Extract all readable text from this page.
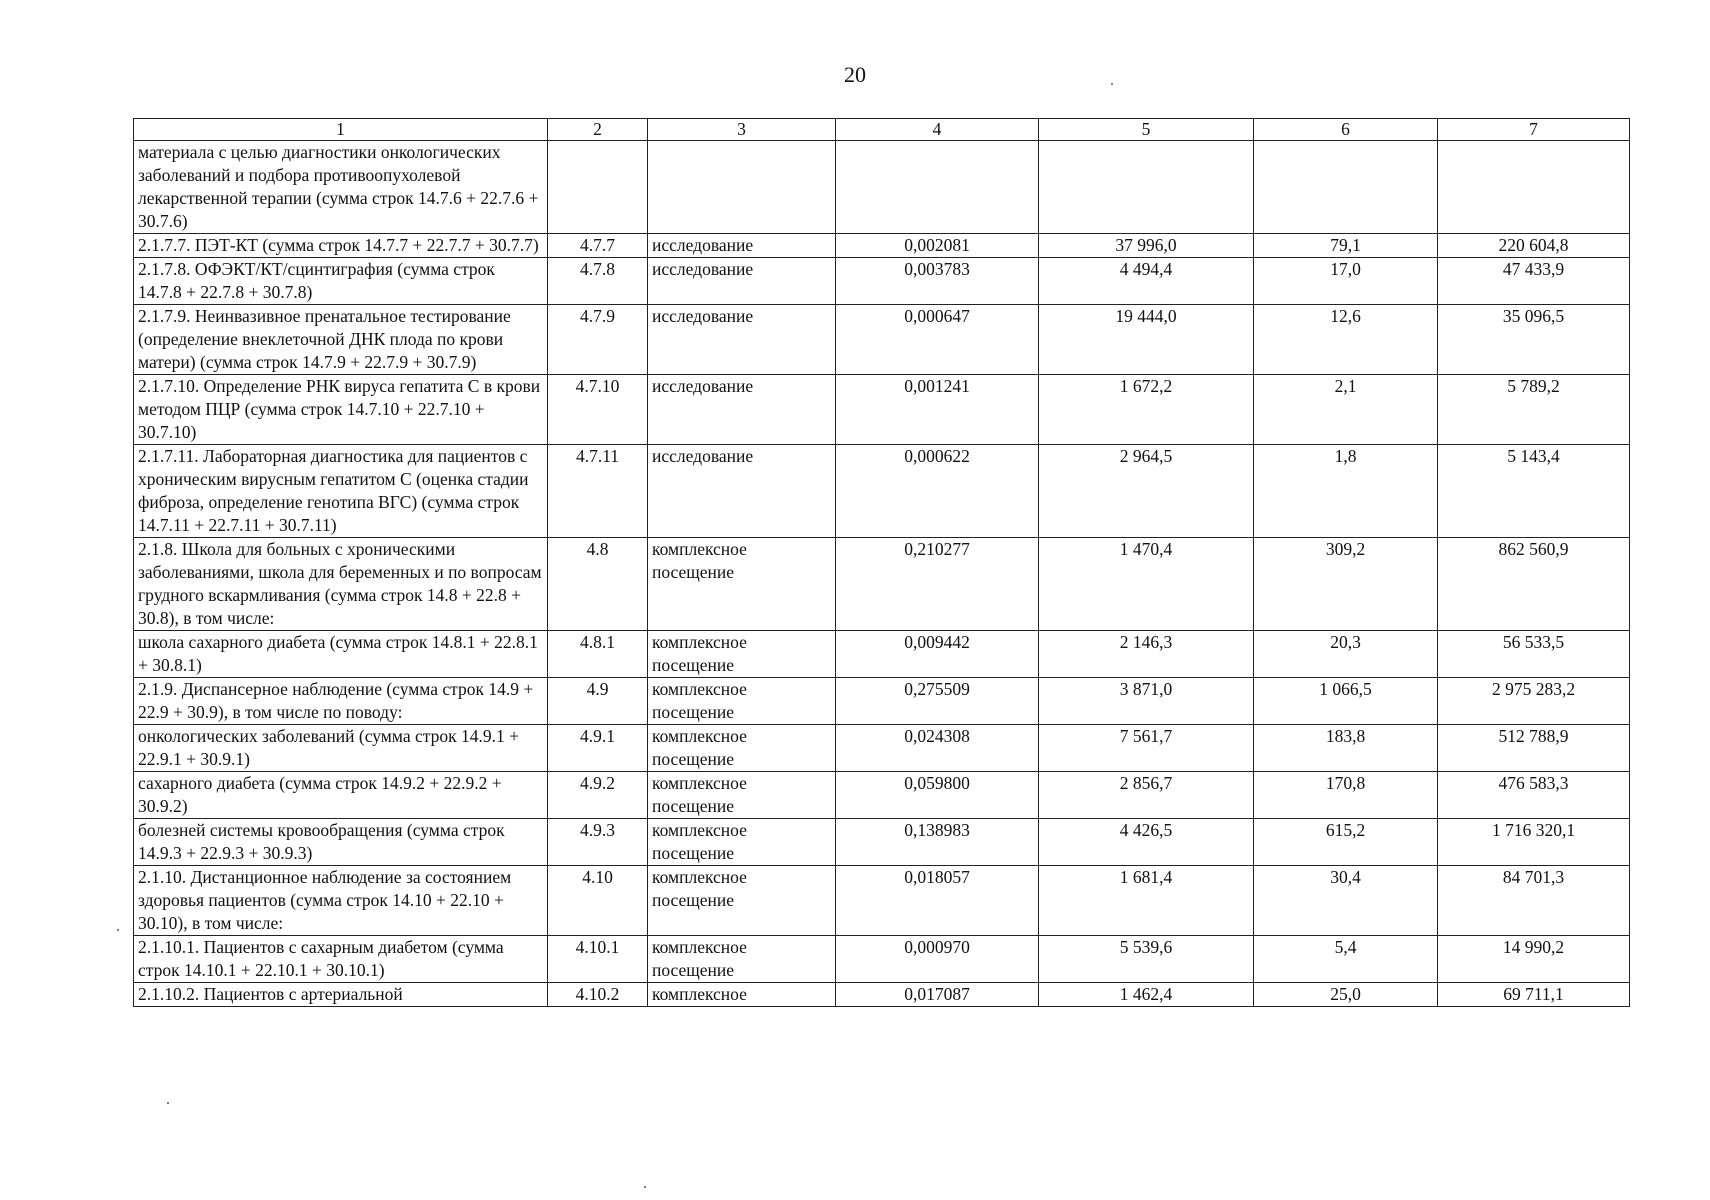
20
1	2	3	4	5	6	7
материала с целью диагностики онкологических заболеваний и подбора противоопухолевой лекарственной терапии (сумма строк 14.7.6 + 22.7.6 + 30.7.6)						
2.1.7.7. ПЭТ-КТ (сумма строк 14.7.7 + 22.7.7 + 30.7.7)	4.7.7	исследование	0,002081	37 996,0	79,1	220 604,8
2.1.7.8. ОФЭКТ/КТ/сцинтиграфия (сумма строк 14.7.8 + 22.7.8 + 30.7.8)	4.7.8	исследование	0,003783	4 494,4	17,0	47 433,9
2.1.7.9. Неинвазивное пренатальное тестирование (определение внеклеточной ДНК плода по крови матери) (сумма строк 14.7.9 + 22.7.9 + 30.7.9)	4.7.9	исследование	0,000647	19 444,0	12,6	35 096,5
2.1.7.10. Определение РНК вируса гепатита С в крови методом ПЦР (сумма строк 14.7.10 + 22.7.10 + 30.7.10)	4.7.10	исследование	0,001241	1 672,2	2,1	5 789,2
2.1.7.11. Лабораторная диагностика для пациентов с хроническим вирусным гепатитом С (оценка стадии фиброза, определение генотипа ВГС) (сумма строк 14.7.11 + 22.7.11 + 30.7.11)	4.7.11	исследование	0,000622	2 964,5	1,8	5 143,4
2.1.8. Школа для больных с хроническими заболеваниями, школа для беременных и по вопросам грудного вскармливания (сумма строк 14.8 + 22.8 + 30.8), в том числе:	4.8	комплексное посещение	0,210277	1 470,4	309,2	862 560,9
школа сахарного диабета (сумма строк 14.8.1 + 22.8.1 + 30.8.1)	4.8.1	комплексное посещение	0,009442	2 146,3	20,3	56 533,5
2.1.9. Диспансерное наблюдение (сумма строк 14.9 + 22.9 + 30.9), в том числе по поводу:	4.9	комплексное посещение	0,275509	3 871,0	1 066,5	2 975 283,2
онкологических заболеваний (сумма строк 14.9.1 + 22.9.1 + 30.9.1)	4.9.1	комплексное посещение	0,024308	7 561,7	183,8	512 788,9
сахарного диабета (сумма строк 14.9.2 + 22.9.2 + 30.9.2)	4.9.2	комплексное посещение	0,059800	2 856,7	170,8	476 583,3
болезней системы кровообращения (сумма строк 14.9.3 + 22.9.3 + 30.9.3)	4.9.3	комплексное посещение	0,138983	4 426,5	615,2	1 716 320,1
2.1.10. Дистанционное наблюдение за состоянием здоровья пациентов (сумма строк 14.10 + 22.10 + 30.10), в том числе:	4.10	комплексное посещение	0,018057	1 681,4	30,4	84 701,3
2.1.10.1. Пациентов с сахарным диабетом (сумма строк 14.10.1 + 22.10.1 + 30.10.1)	4.10.1	комплексное посещение	0,000970	5 539,6	5,4	14 990,2
2.1.10.2. Пациентов с артериальной	4.10.2	комплексное	0,017087	1 462,4	25,0	69 711,1
